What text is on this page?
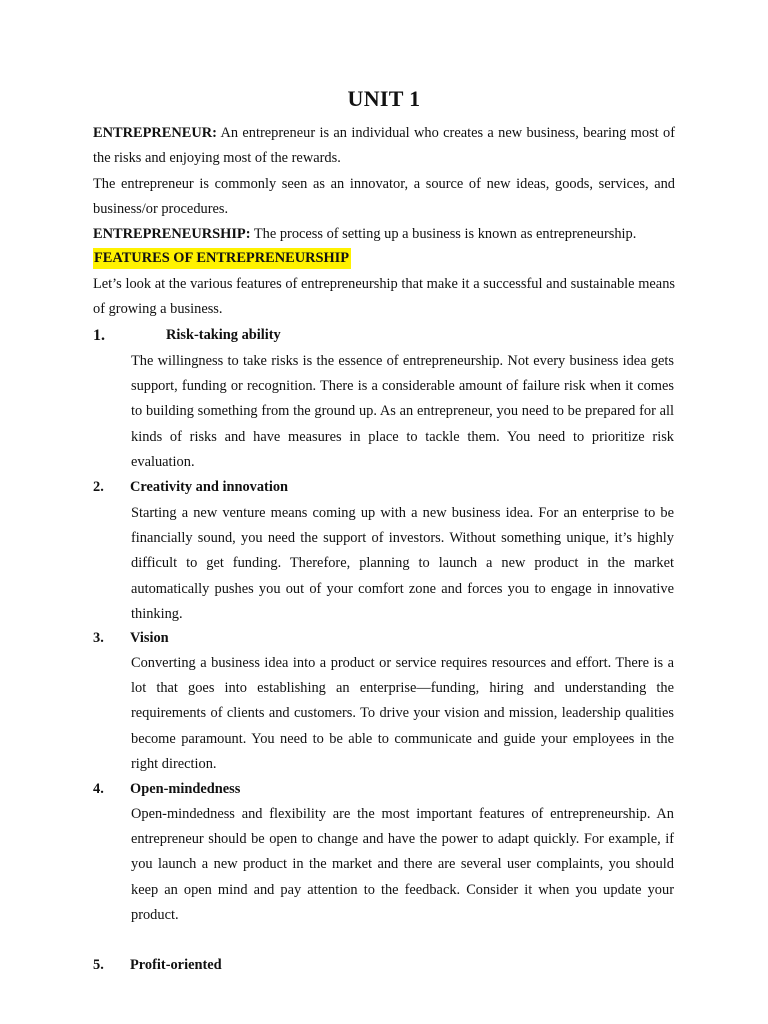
UNIT 1
ENTREPRENEUR: An entrepreneur is an individual who creates a new business, bearing most of the risks and enjoying most of the rewards.
The entrepreneur is commonly seen as an innovator, a source of new ideas, goods, services, and business/or procedures.
ENTREPRENEURSHIP: The process of setting up a business is known as entrepreneurship.
FEATURES OF ENTREPRENEURSHIP
Let’s look at the various features of entrepreneurship that make it a successful and sustainable means of growing a business.
1.	Risk-taking ability
The willingness to take risks is the essence of entrepreneurship. Not every business idea gets support, funding or recognition. There is a considerable amount of failure risk when it comes to building something from the ground up. As an entrepreneur, you need to be prepared for all kinds of risks and have measures in place to tackle them. You need to prioritize risk evaluation.
2. Creativity and innovation
Starting a new venture means coming up with a new business idea. For an enterprise to be financially sound, you need the support of investors. Without something unique, it’s highly difficult to get funding. Therefore, planning to launch a new product in the market automatically pushes you out of your comfort zone and forces you to engage in innovative thinking.
3. Vision
Converting a business idea into a product or service requires resources and effort. There is a lot that goes into establishing an enterprise—funding, hiring and understanding the requirements of clients and customers. To drive your vision and mission, leadership qualities become paramount. You need to be able to communicate and guide your employees in the right direction.
4. Open-mindedness
Open-mindedness and flexibility are the most important features of entrepreneurship. An entrepreneur should be open to change and have the power to adapt quickly. For example, if you launch a new product in the market and there are several user complaints, you should keep an open mind and pay attention to the feedback. Consider it when you update your product.
5. Profit-oriented
